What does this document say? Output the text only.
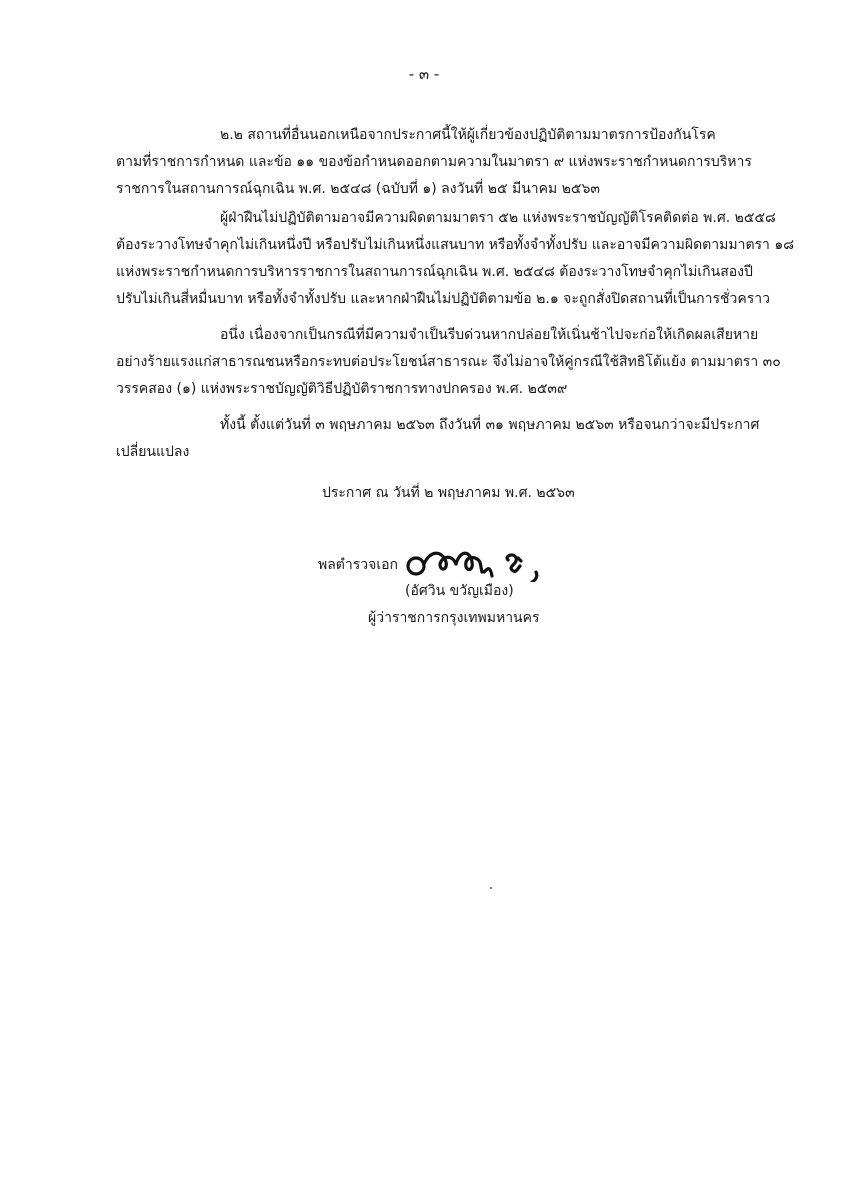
- ๓ -
๒.๒ สถานที่อื่นนอกเหนือจากประกาศนี้ให้ผู้เกี่ยวข้องปฏิบัติตามมาตรการป้องกันโรค
ตามที่ราชการกำหนด และข้อ ๑๑ ของข้อกำหนดออกตามความในมาตรา ๙ แห่งพระราชกำหนดการบริหาร
ราชการในสถานการณ์ฉุกเฉิน พ.ศ. ๒๕๔๘ (ฉบับที่ ๑) ลงวันที่ ๒๕ มีนาคม ๒๕๖๓
ผู้ฝ่าฝืนไม่ปฏิบัติตามอาจมีความผิดตามมาตรา ๕๒ แห่งพระราชบัญญัติโรคติดต่อ พ.ศ. ๒๕๕๘
ต้องระวางโทษจำคุกไม่เกินหนึ่งปี หรือปรับไม่เกินหนึ่งแสนบาท หรือทั้งจำทั้งปรับ และอาจมีความผิดตามมาตรา ๑๘
แห่งพระราชกำหนดการบริหารราชการในสถานการณ์ฉุกเฉิน พ.ศ. ๒๕๔๘ ต้องระวางโทษจำคุกไม่เกินสองปี
ปรับไม่เกินสี่หมื่นบาท หรือทั้งจำทั้งปรับ และหากฝ่าฝืนไม่ปฏิบัติตามข้อ ๒.๑ จะถูกสั่งปิดสถานที่เป็นการชั่วคราว
อนึ่ง เนื่องจากเป็นกรณีที่มีความจำเป็นรีบด่วนหากปล่อยให้เนิ่นช้าไปจะก่อให้เกิดผลเสียหาย
อย่างร้ายแรงแก่สาธารณชนหรือกระทบต่อประโยชน์สาธารณะ จึงไม่อาจให้คู่กรณีใช้สิทธิโต้แย้ง ตามมาตรา ๓๐
วรรคสอง (๑) แห่งพระราชบัญญัติวิธีปฏิบัติราชการทางปกครอง พ.ศ. ๒๕๓๙
ทั้งนี้ ตั้งแต่วันที่ ๓ พฤษภาคม ๒๕๖๓ ถึงวันที่ ๓๑ พฤษภาคม ๒๕๖๓ หรือจนกว่าจะมีประกาศ
เปลี่ยนแปลง
ประกาศ ณ วันที่ ๒ พฤษภาคม พ.ศ. ๒๕๖๓
พลตำรวจเอก
(อัศวิน ขวัญเมือง)
ผู้ว่าราชการกรุงเทพมหานคร
